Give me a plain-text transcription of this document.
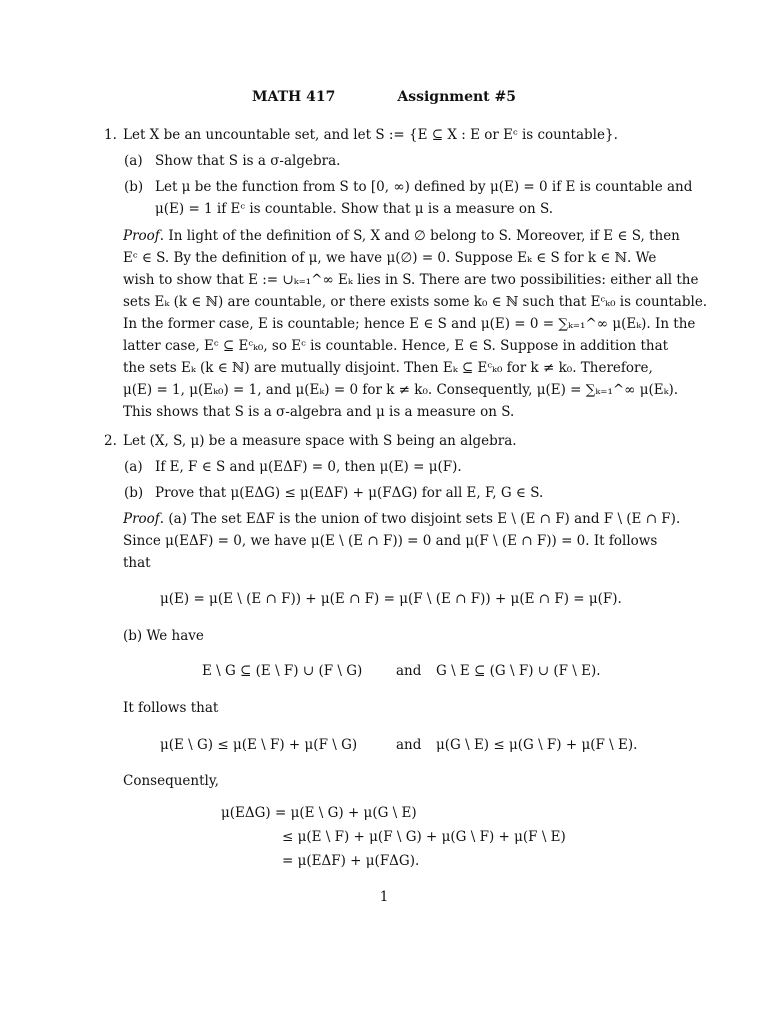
MATH 417	Assignment #5
1. Let X be an uncountable set, and let S := {E ⊆ X : E or Eᶜ is countable}.
(a) Show that S is a σ-algebra.
(b) Let μ be the function from S to [0, ∞) defined by μ(E) = 0 if E is countable and
μ(E) = 1 if Eᶜ is countable. Show that μ is a measure on S.
Proof. In light of the definition of S, X and ∅ belong to S. Moreover, if E ∈ S, then
Eᶜ ∈ S. By the definition of μ, we have μ(∅) = 0. Suppose Eₖ ∈ S for k ∈ ℕ. We
wish to show that E := ∪ₖ₌₁^∞ Eₖ lies in S. There are two possibilities: either all the
sets Eₖ (k ∈ ℕ) are countable, or there exists some k₀ ∈ ℕ such that Eᶜₖ₀ is countable.
In the former case, E is countable; hence E ∈ S and μ(E) = 0 = ∑ₖ₌₁^∞ μ(Eₖ). In the
latter case, Eᶜ ⊆ Eᶜₖ₀, so Eᶜ is countable. Hence, E ∈ S. Suppose in addition that
the sets Eₖ (k ∈ ℕ) are mutually disjoint. Then Eₖ ⊆ Eᶜₖ₀ for k ≠ k₀. Therefore,
μ(E) = 1, μ(Eₖ₀) = 1, and μ(Eₖ) = 0 for k ≠ k₀. Consequently, μ(E) = ∑ₖ₌₁^∞ μ(Eₖ).
This shows that S is a σ-algebra and μ is a measure on S.
2. Let (X, S, μ) be a measure space with S being an algebra.
(a) If E, F ∈ S and μ(EΔF) = 0, then μ(E) = μ(F).
(b) Prove that μ(EΔG) ≤ μ(EΔF) + μ(FΔG) for all E, F, G ∈ S.
Proof. (a) The set EΔF is the union of two disjoint sets E \ (E ∩ F) and F \ (E ∩ F).
Since μ(EΔF) = 0, we have μ(E \ (E ∩ F)) = 0 and μ(F \ (E ∩ F)) = 0. It follows
that
μ(E) = μ(E \ (E ∩ F)) + μ(E ∩ F) = μ(F \ (E ∩ F)) + μ(E ∩ F) = μ(F).
(b) We have
E \ G ⊆ (E \ F) ∪ (F \ G) and G \ E ⊆ (G \ F) ∪ (F \ E).
It follows that
μ(E \ G) ≤ μ(E \ F) + μ(F \ G)	and μ(G \ E) ≤ μ(G \ F) + μ(F \ E).
Consequently,
μ(EΔG) = μ(E \ G) + μ(G \ E)
≤ μ(E \ F) + μ(F \ G) + μ(G \ F) + μ(F \ E)
= μ(EΔF) + μ(FΔG).
1
